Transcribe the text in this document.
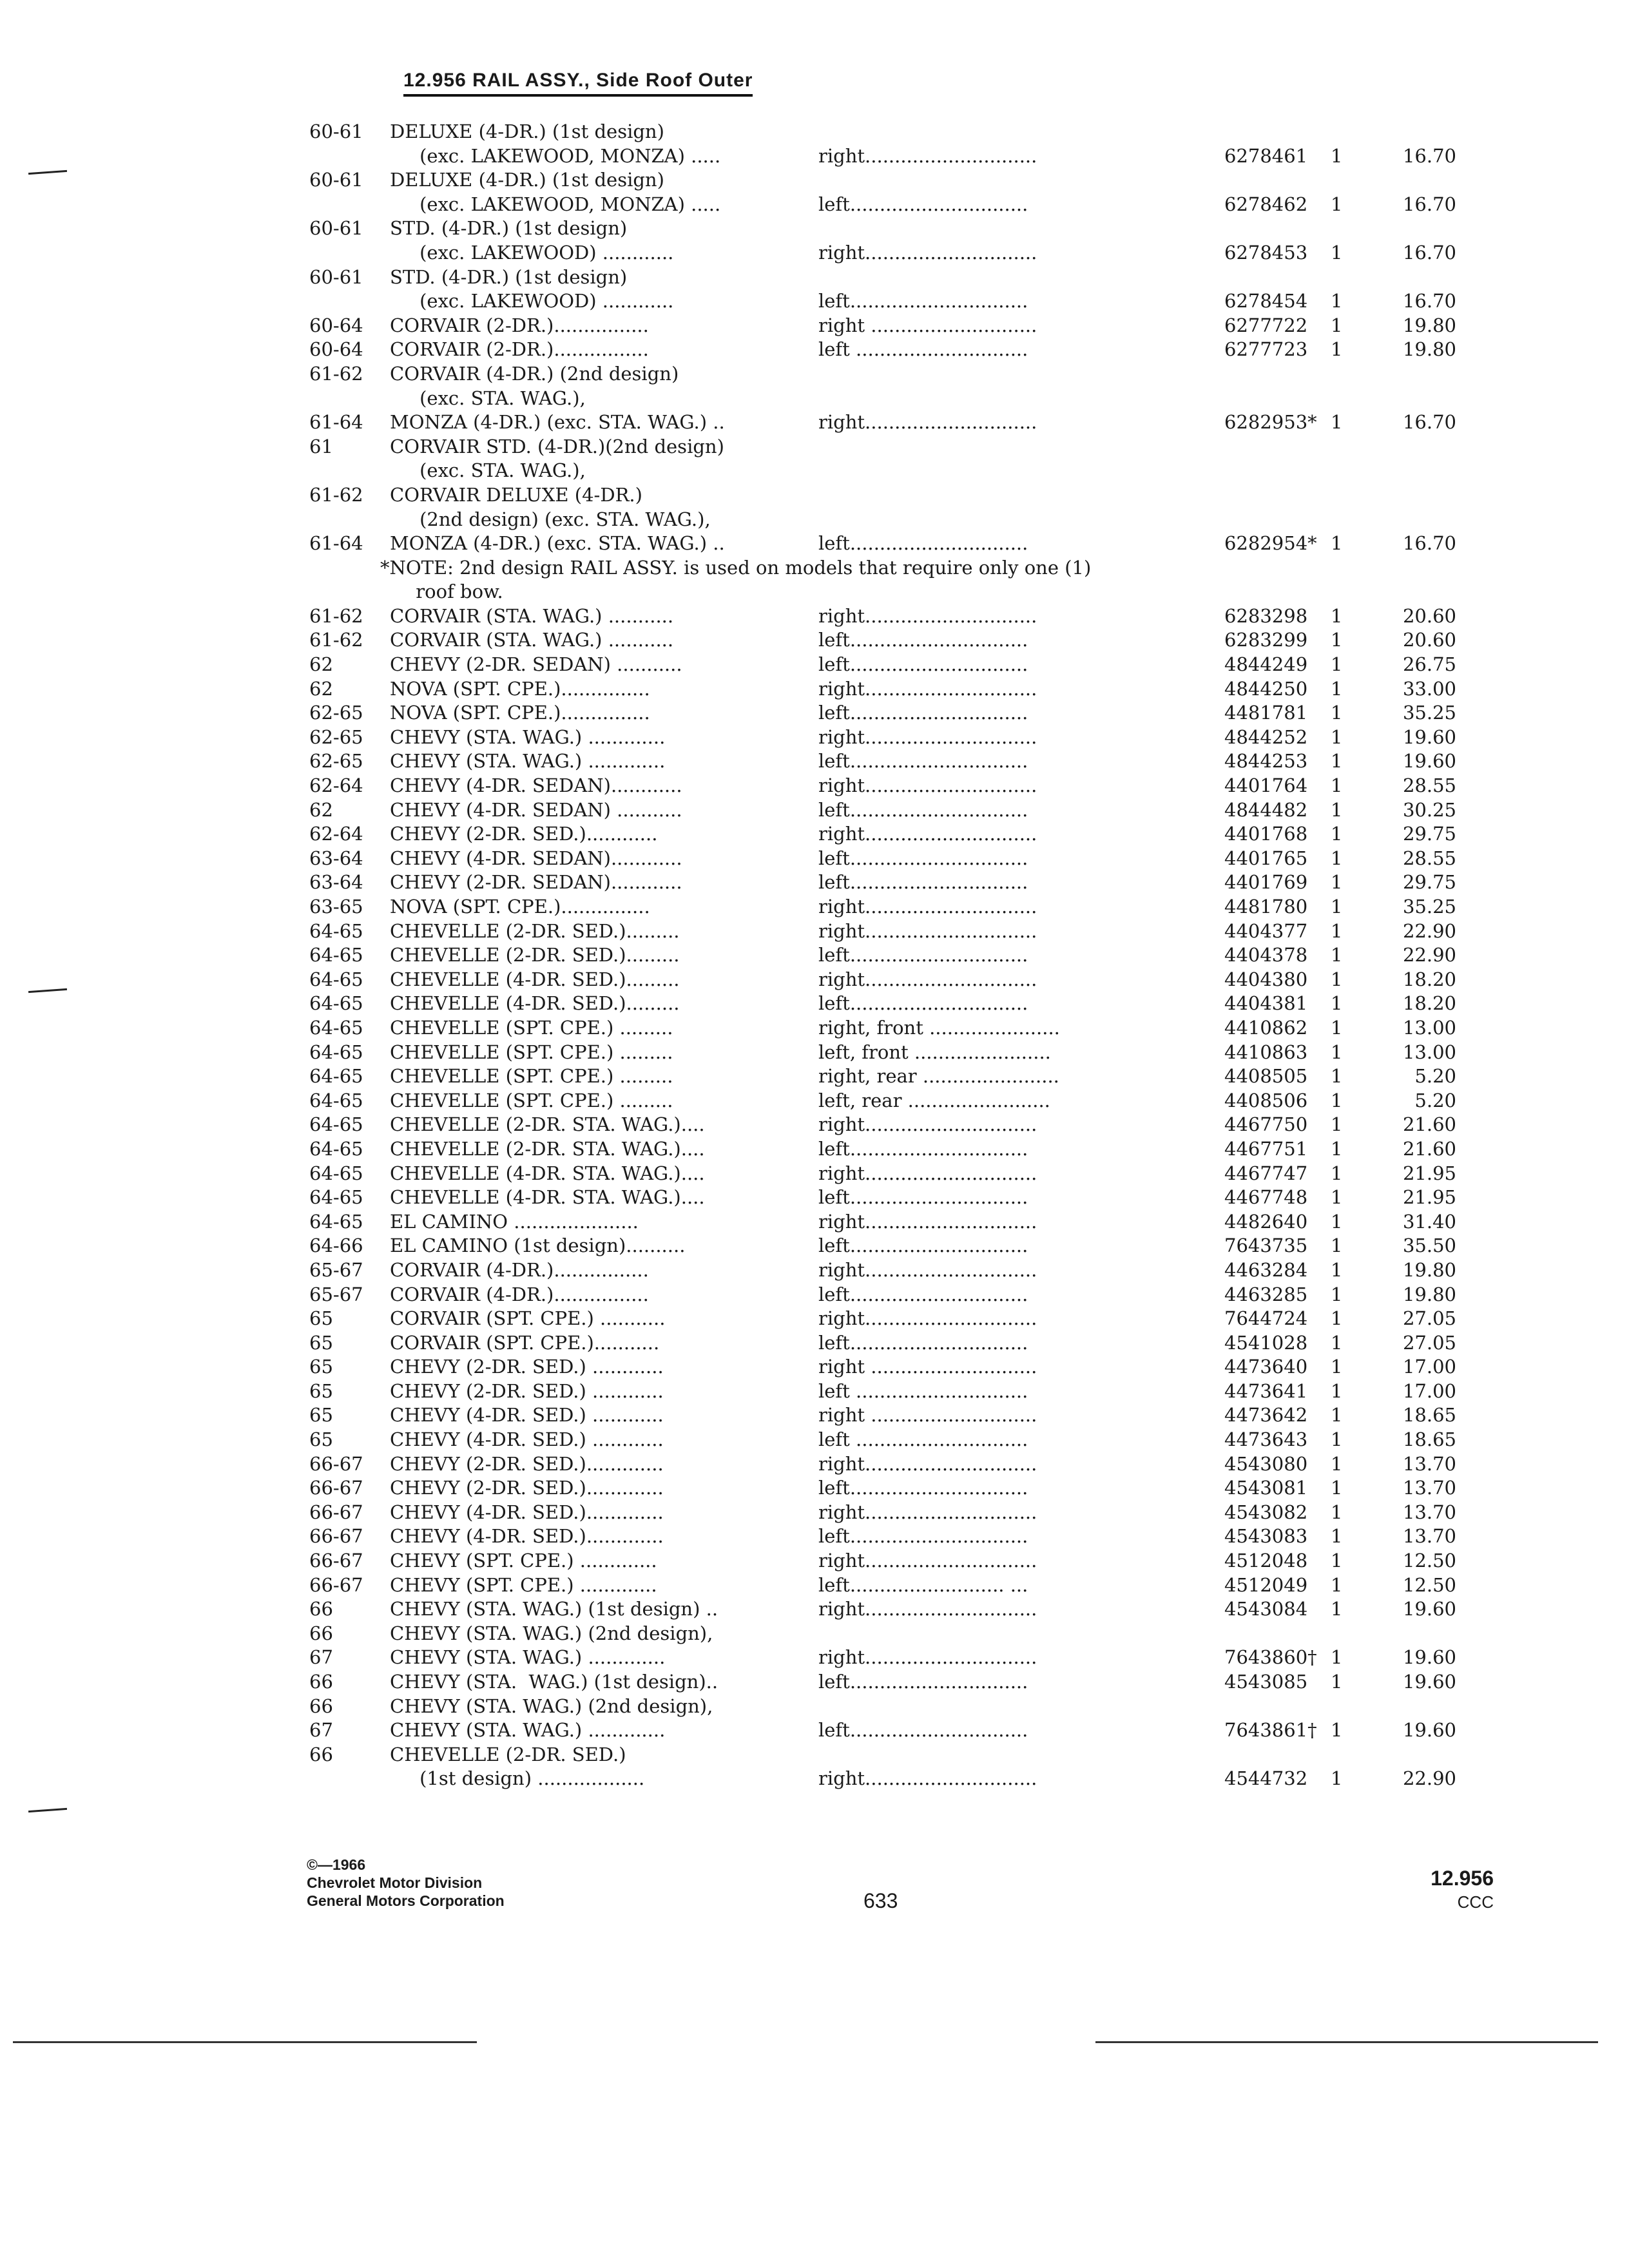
12.956 RAIL ASSY., Side Roof Outer
60-61 DELUXE (4-DR.) (1st design)
(exc. LAKEWOOD, MONZA) .....	right.............................	6278461 1	16.70
60-61 DELUXE (4-DR.) (1st design)
(exc. LAKEWOOD, MONZA) .....	left..............................	6278462 1	16.70
60-61 STD. (4-DR.) (1st design)
(exc. LAKEWOOD) ............	right.............................	6278453 1	16.70
60-61 STD. (4-DR.) (1st design)
(exc. LAKEWOOD) ............	left..............................	6278454 1	16.70
60-64 CORVAIR (2-DR.)................	right ............................	6277722 1	19.80
60-64 CORVAIR (2-DR.)................	left .............................	6277723 1	19.80
61-62 CORVAIR (4-DR.) (2nd design)
(exc. STA. WAG.),
61-64 MONZA (4-DR.) (exc. STA. WAG.) ..	right.............................	6282953* 1	16.70
61	CORVAIR STD. (4-DR.)(2nd design)
(exc. STA. WAG.),
61-62 CORVAIR DELUXE (4-DR.)
(2nd design) (exc. STA. WAG.),
61-64 MONZA (4-DR.) (exc. STA. WAG.) ..	left..............................	6282954* 1	16.70
*NOTE: 2nd design RAIL ASSY. is used on models that require only one (1)
roof bow.
61-62 CORVAIR (STA. WAG.) ...........	right.............................	6283298 1	20.60
61-62 CORVAIR (STA. WAG.) ...........	left..............................	6283299 1	20.60
62	CHEVY (2-DR. SEDAN) ...........	left..............................	4844249 1	26.75
62	NOVA (SPT. CPE.)...............	right.............................	4844250 1	33.00
62-65 NOVA (SPT. CPE.)...............	left..............................	4481781 1	35.25
62-65 CHEVY (STA. WAG.) .............	right.............................	4844252 1	19.60
62-65 CHEVY (STA. WAG.) .............	left..............................	4844253 1	19.60
62-64 CHEVY (4-DR. SEDAN)............	right.............................	4401764 1	28.55
62	CHEVY (4-DR. SEDAN) ...........	left..............................	4844482 1	30.25
62-64 CHEVY (2-DR. SED.)............	right.............................	4401768 1	29.75
63-64 CHEVY (4-DR. SEDAN)............	left..............................	4401765 1	28.55
63-64 CHEVY (2-DR. SEDAN)............	left..............................	4401769 1	29.75
63-65 NOVA (SPT. CPE.)...............	right.............................	4481780 1	35.25
64-65 CHEVELLE (2-DR. SED.).........	right.............................	4404377 1	22.90
64-65 CHEVELLE (2-DR. SED.).........	left..............................	4404378 1	22.90
64-65 CHEVELLE (4-DR. SED.).........	right.............................	4404380 1	18.20
64-65 CHEVELLE (4-DR. SED.).........	left..............................	4404381 1	18.20
64-65 CHEVELLE (SPT. CPE.) .........	right, front ......................	4410862 1	13.00
64-65 CHEVELLE (SPT. CPE.) .........	left, front .......................	4410863 1	13.00
64-65 CHEVELLE (SPT. CPE.) .........	right, rear .......................	4408505 1	5.20
64-65 CHEVELLE (SPT. CPE.) .........	left, rear ........................	4408506 1	5.20
64-65 CHEVELLE (2-DR. STA. WAG.)....	right.............................	4467750 1	21.60
64-65 CHEVELLE (2-DR. STA. WAG.)....	left..............................	4467751 1	21.60
64-65 CHEVELLE (4-DR. STA. WAG.)....	right.............................	4467747 1	21.95
64-65 CHEVELLE (4-DR. STA. WAG.)....	left..............................	4467748 1	21.95
64-65 EL CAMINO .....................	right.............................	4482640 1	31.40
64-66 EL CAMINO (1st design)..........	left..............................	7643735 1	35.50
65-67 CORVAIR (4-DR.)................	right.............................	4463284 1	19.80
65-67 CORVAIR (4-DR.)................	left..............................	4463285 1	19.80
65	CORVAIR (SPT. CPE.) ...........	right.............................	7644724 1	27.05
65	CORVAIR (SPT. CPE.)...........	left..............................	4541028 1	27.05
65	CHEVY (2-DR. SED.) ............	right ............................	4473640 1	17.00
65	CHEVY (2-DR. SED.) ............	left .............................	4473641 1	17.00
65	CHEVY (4-DR. SED.) ............	right ............................	4473642 1	18.65
65	CHEVY (4-DR. SED.) ............	left .............................	4473643 1	18.65
66-67 CHEVY (2-DR. SED.).............	right.............................	4543080 1	13.70
66-67 CHEVY (2-DR. SED.).............	left..............................	4543081 1	13.70
66-67 CHEVY (4-DR. SED.).............	right.............................	4543082 1	13.70
66-67 CHEVY (4-DR. SED.).............	left..............................	4543083 1	13.70
66-67 CHEVY (SPT. CPE.) .............	right.............................	4512048 1	12.50
66-67 CHEVY (SPT. CPE.) .............	left.......................... ...	4512049 1	12.50
66	CHEVY (STA. WAG.) (1st design) ..	right.............................	4543084 1	19.60
66	CHEVY (STA. WAG.) (2nd design),
67	CHEVY (STA. WAG.) .............	right.............................	7643860† 1	19.60
66	CHEVY (STA.  WAG.) (1st design)..	left..............................	4543085 1	19.60
66	CHEVY (STA. WAG.) (2nd design),
67	CHEVY (STA. WAG.) .............	left..............................	7643861† 1	19.60
66	CHEVELLE (2-DR. SED.)
(1st design) ..................	right.............................	4544732 1	22.90
©—1966
Chevrolet Motor Division
General Motors Corporation	633
12.956
CCC
